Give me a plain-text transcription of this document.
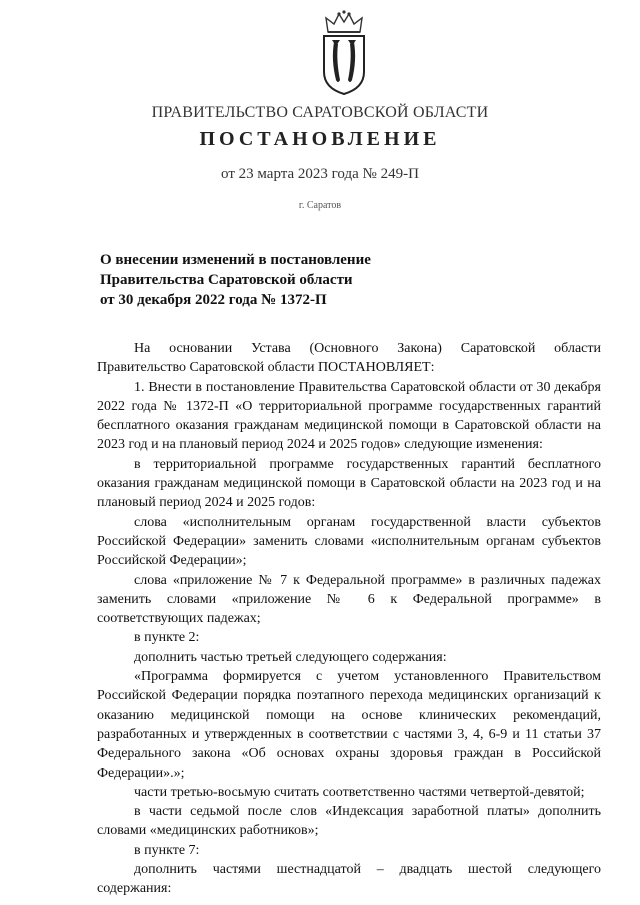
ПРАВИТЕЛЬСТВО САРАТОВСКОЙ ОБЛАСТИ
ПОСТАНОВЛЕНИЕ
от 23 марта 2023 года № 249-П
г. Саратов
О внесении изменений в постановление
Правительства Саратовской области
от 30 декабря 2022 года № 1372-П

На основании Устава (Основного Закона) Саратовской области Правительство Саратовской области ПОСТАНОВЛЯЕТ:

1. Внести в постановление Правительства Саратовской области от 30 декабря 2022 года № 1372-П «О территориальной программе государственных гарантий бесплатного оказания гражданам медицинской помощи в Саратовской области на 2023 год и на плановый период 2024 и 2025 годов» следующие изменения:

в территориальной программе государственных гарантий бесплатного оказания гражданам медицинской помощи в Саратовской области на 2023 год и на плановый период 2024 и 2025 годов:

слова «исполнительным органам государственной власти субъектов Российской Федерации» заменить словами «исполнительным органам субъектов Российской Федерации»;

слова «приложение № 7 к Федеральной программе» в различных падежах заменить словами «приложение № 6 к Федеральной программе» в соответствующих падежах;

в пункте 2:

дополнить частью третьей следующего содержания:

«Программа формируется с учетом установленного Правительством Российской Федерации порядка поэтапного перехода медицинских организаций к оказанию медицинской помощи на основе клинических рекомендаций, разработанных и утвержденных в соответствии с частями 3, 4, 6-9 и 11 статьи 37 Федерального закона «Об основах охраны здоровья граждан в Российской Федерации».»;

части третью-восьмую считать соответственно частями четвертой-девятой;

в части седьмой после слов «Индексация заработной платы» дополнить словами «медицинских работников»;

в пункте 7:

дополнить частями шестнадцатой – двадцать шестой следующего содержания:
